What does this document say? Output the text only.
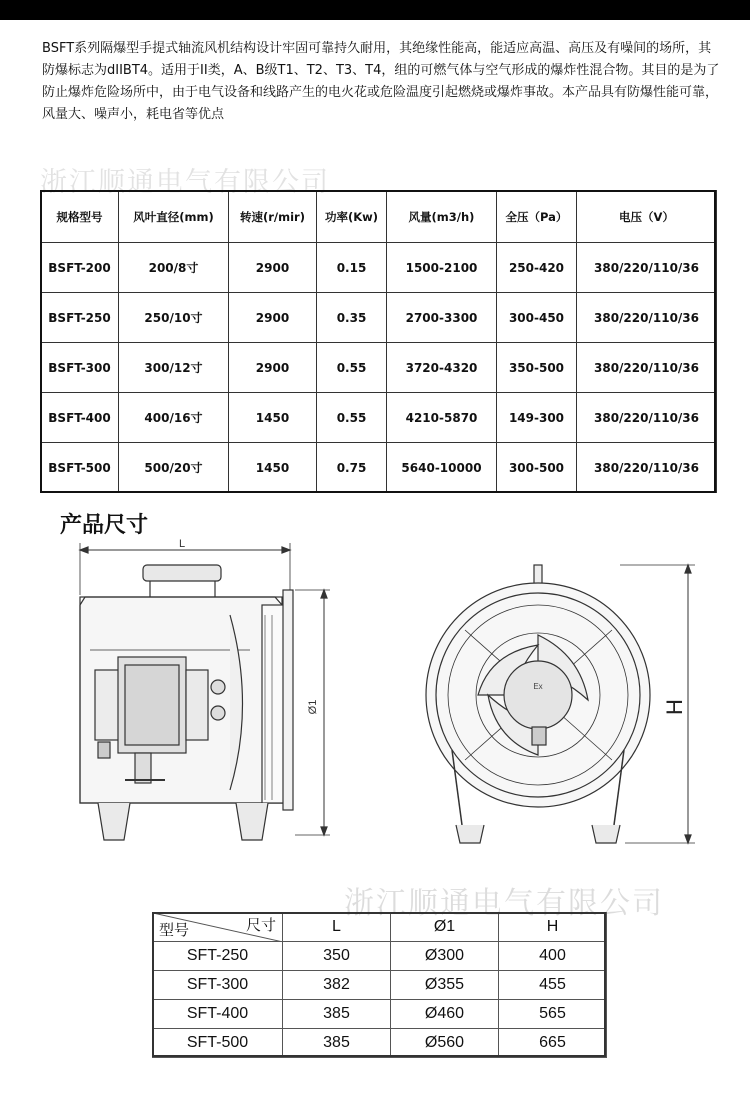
BSFT系列隔爆型手提式轴流风机结构设计牢固可靠持久耐用，其绝缘性能高，能适应高温、高压及有噪间的场所，其防爆标志为dIIBT4。适用于II类，A、B级T1、T2、T3、T4，组的可燃气体与空气形成的爆炸性混合物。其目的是为了防止爆炸危险场所中，由于电气设备和线路产生的电火花或危险温度引起燃烧或爆炸事故。本产品具有防爆性能可靠，风量大、噪声小，耗电省等优点

浙江顺通电气有限公司
规格型号	风叶直径(mm)	转速(r/mir)	功率(Kw)	风量(m3/h)	全压（Pa）	电压（V）
BSFT-200	200/8寸	2900	0.15	1500-2100	250-420	380/220/110/36
BSFT-250	250/10寸	2900	0.35	2700-3300	300-450	380/220/110/36
BSFT-300	300/12寸	2900	0.55	3720-4320	350-500	380/220/110/36
BSFT-400	400/16寸	1450	0.55	4210-5870	149-300	380/220/110/36
BSFT-500	500/20寸	1450	0.75	5640-10000	300-500	380/220/110/36
产品尺寸
L
Ø1
Ex
H
浙江顺通电气有限公司
尺寸
型号	L	Ø1	H
SFT-250	350	Ø300	400
SFT-300	382	Ø355	455
SFT-400	385	Ø460	565
SFT-500	385	Ø560	665
